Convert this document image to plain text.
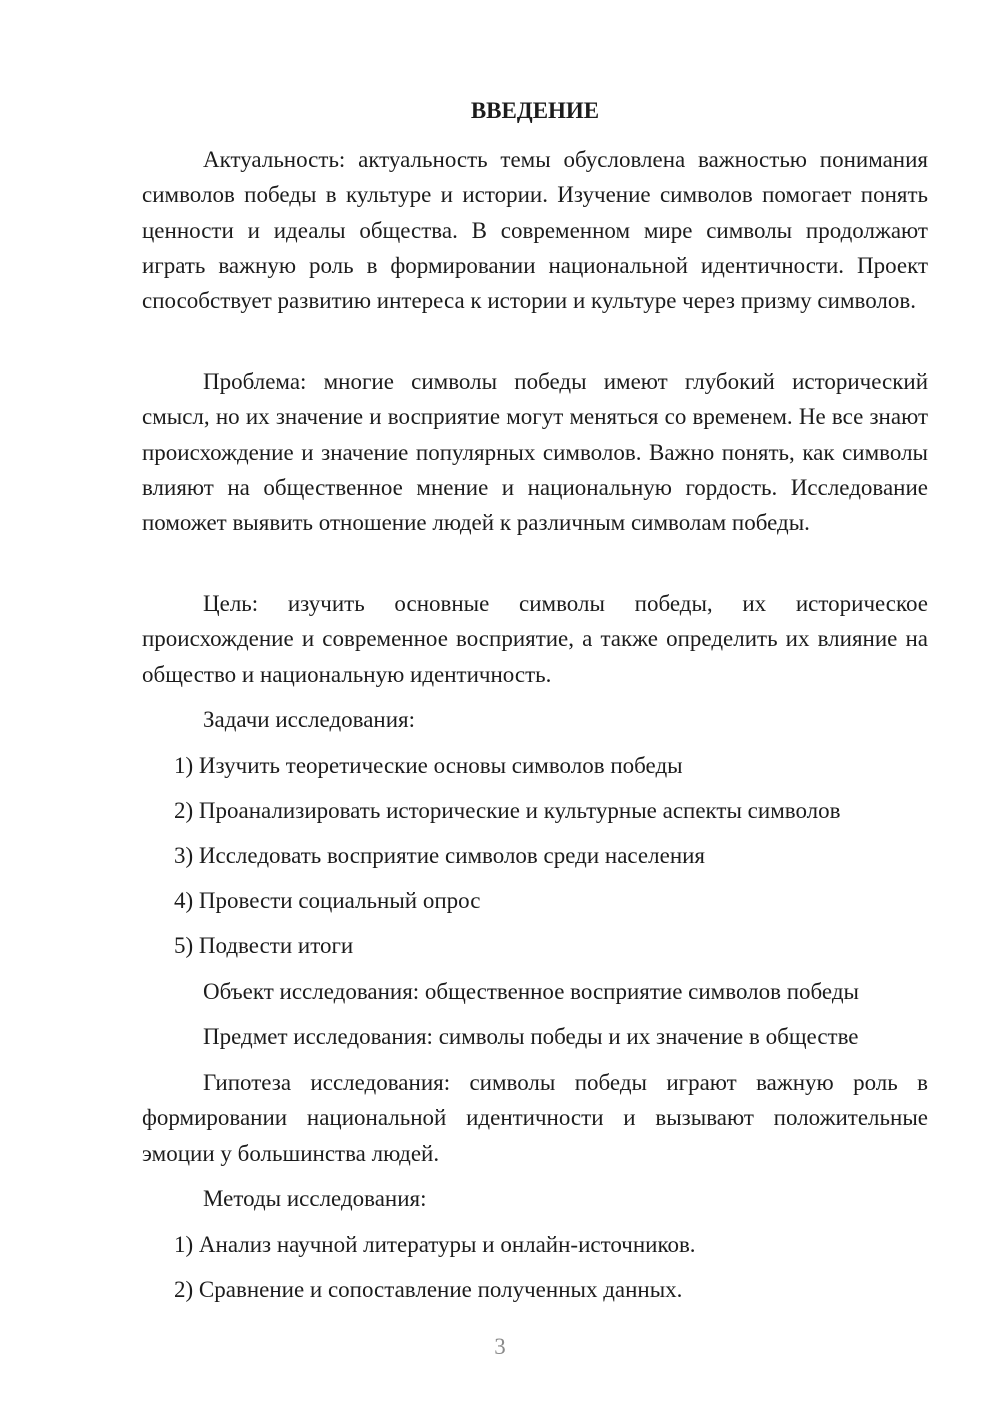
ВВЕДЕНИЕ

Актуальность: актуальность темы обусловлена важностью понимания символов победы в культуре и истории. Изучение символов помогает понять ценности и идеалы общества. В современном мире символы продолжают играть важную роль в формировании национальной идентичности. Проект способствует развитию интереса к истории и культуре через призму символов.

Проблема: многие символы победы имеют глубокий исторический смысл, но их значение и восприятие могут меняться со временем. Не все знают происхождение и значение популярных символов. Важно понять, как символы влияют на общественное мнение и национальную гордость. Исследование поможет выявить отношение людей к различным символам победы.

Цель: изучить основные символы победы, их историческое происхождение и современное восприятие, а также определить их влияние на общество и национальную идентичность.

Задачи исследования:

1) Изучить теоретические основы символов победы

2) Проанализировать исторические и культурные аспекты символов

3) Исследовать восприятие символов среди населения

4) Провести социальный опрос

5) Подвести итоги

Объект исследования: общественное восприятие символов победы

Предмет исследования: символы победы и их значение в обществе

Гипотеза исследования: символы победы играют важную роль в формировании национальной идентичности и вызывают положительные эмоции у большинства людей.

Методы исследования:

1) Анализ научной литературы и онлайн-источников.

2) Сравнение и сопоставление полученных данных.

3
